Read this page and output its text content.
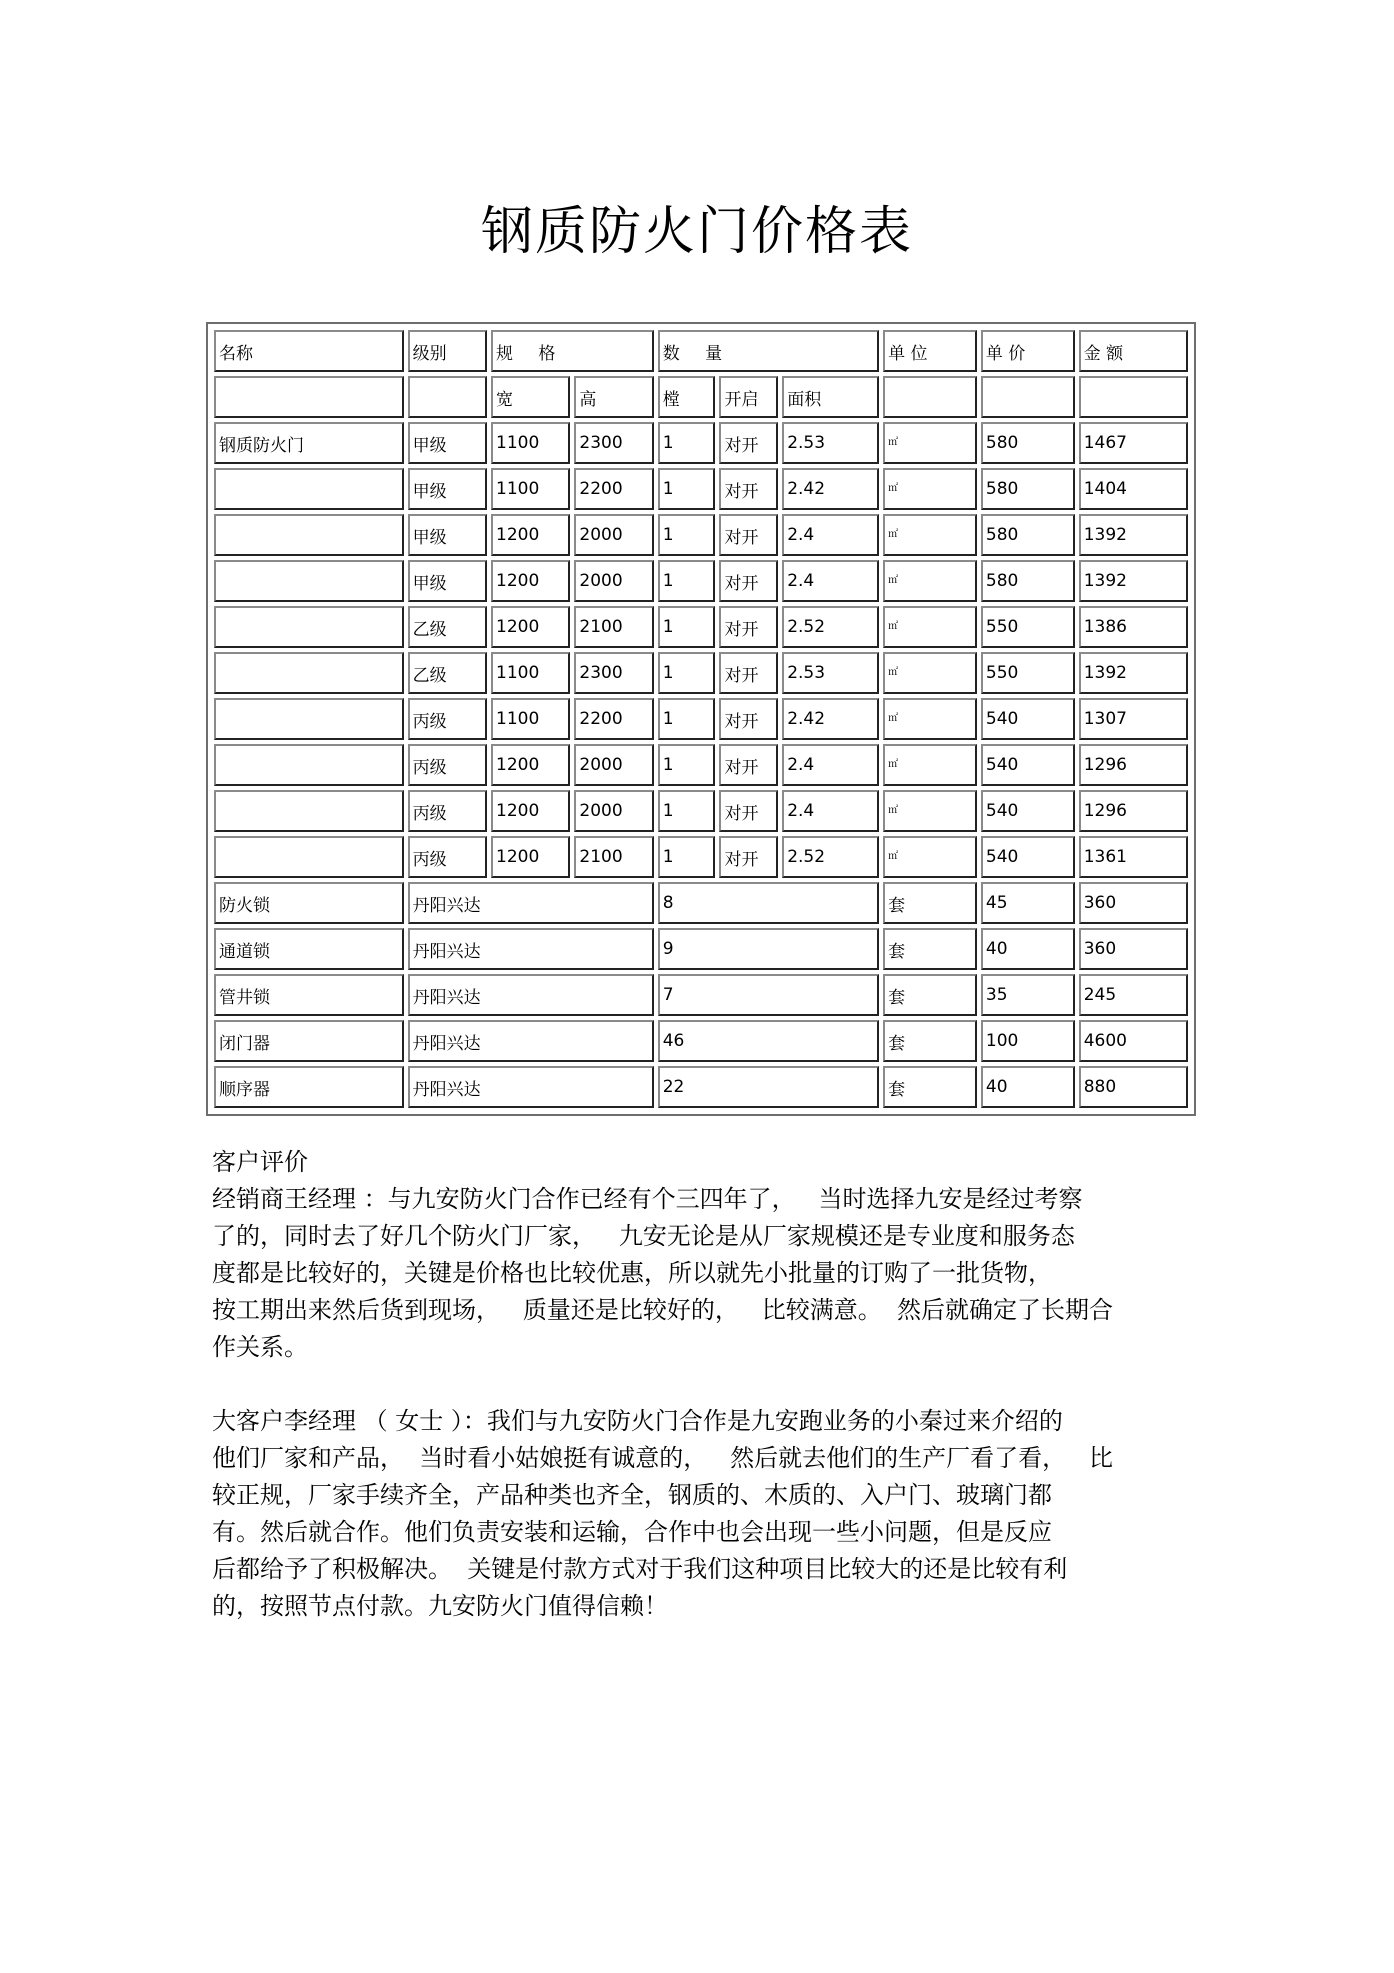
钢质防火门价格表
名称	级别	规 格		数 量			单 位	单 价	金 额
		宽	高	樘	开启	面积			
钢质防火门	甲级	1100	2300	1	对开	2.53	㎡	580	1467
	甲级	1100	2200	1	对开	2.42	㎡	580	1404
	甲级	1200	2000	1	对开	2.4	㎡	580	1392
	甲级	1200	2000	1	对开	2.4	㎡	580	1392
	乙级	1200	2100	1	对开	2.52	㎡	550	1386
	乙级	1100	2300	1	对开	2.53	㎡	550	1392
	丙级	1100	2200	1	对开	2.42	㎡	540	1307
	丙级	1200	2000	1	对开	2.4	㎡	540	1296
	丙级	1200	2000	1	对开	2.4	㎡	540	1296
	丙级	1200	2100	1	对开	2.52	㎡	540	1361
防火锁	丹阳兴达			8			套	45	360
通道锁	丹阳兴达			9			套	40	360
管井锁	丹阳兴达			7			套	35	245
闭门器	丹阳兴达			46			套	100	4600
顺序器	丹阳兴达			22			套	40	880

客户评价

经销商王经理 ：与九安防火门合作已经有个三四年了，   当时选择九安是经过考察

了的，同时去了好几个防火门厂家，   九安无论是从厂家规模还是专业度和服务态

度都是比较好的，关键是价格也比较优惠，所以就先小批量的订购了一批货物，

按工期出来然后货到现场，   质量还是比较好的，   比较满意。  然后就确定了长期合

作关系。

大客户李经理 （ 女士 ）：我们与九安防火门合作是九安跑业务的小秦过来介绍的

他们厂家和产品，  当时看小姑娘挺有诚意的，   然后就去他们的生产厂看了看，   比

较正规，厂家手续齐全，产品种类也齐全，钢质的、木质的、入户门、玻璃门都

有。然后就合作。他们负责安装和运输，合作中也会出现一些小问题，但是反应

后都给予了积极解决。  关键是付款方式对于我们这种项目比较大的还是比较有利

的，按照节点付款。九安防火门值得信赖！
